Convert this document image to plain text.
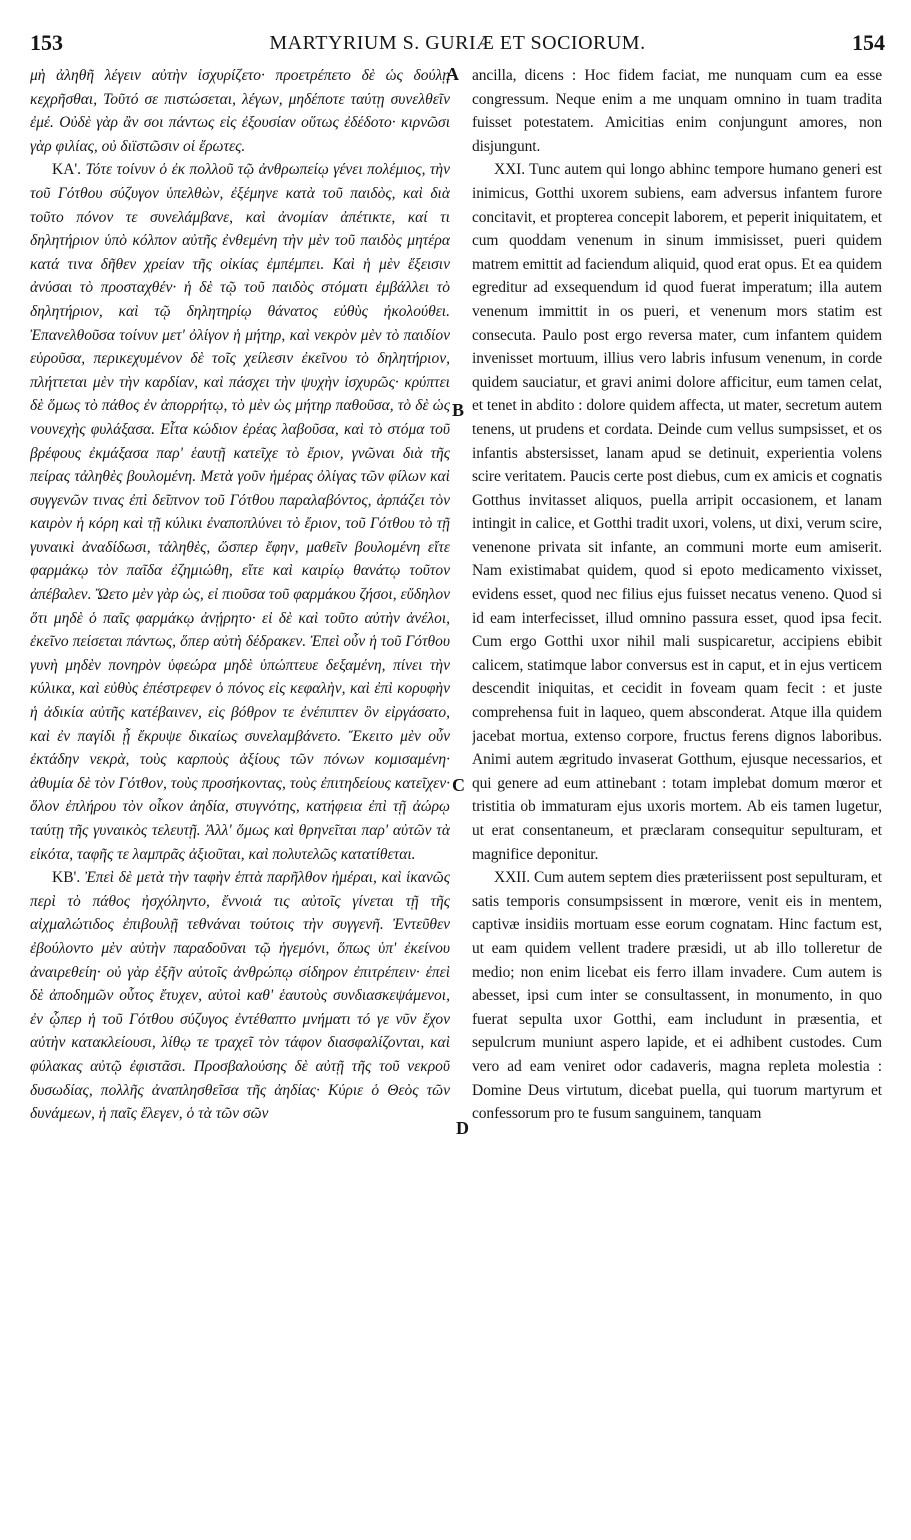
153	MARTYRIUM S. GURIÆ ET SOCIORUM.	154

μὴ ἀληθῆ λέγειν αὐτὴν ἰσχυρίζετο· προετρέπετο δὲ ὡς δούλῃ κεχρῆσθαι, Τοῦτό σε πιστώσεται, λέγων, μηδέποτε ταύτῃ συνελθεῖν ἐμέ. Οὐδὲ γὰρ ἂν σοι πάντως εἰς ἐξουσίαν οὕτως ἐδέδοτο· κιρνῶσι γὰρ φιλίας, οὐ διϊστῶσιν οἱ ἔρωτες.

ΚΑ'. Τότε τοίνυν ὁ ἐκ πολλοῦ τῷ ἀνθρωπείῳ γένει πολέμιος, τὴν τοῦ Γότθου σύζυγον ὑπελθὼν, ἐξέμηνε κατὰ τοῦ παιδὸς, καὶ διὰ τοῦτο πόνον τε συνελάμβανε, καὶ ἀνομίαν ἀπέτικτε, καί τι δηλητήριον ὑπὸ κόλπον αὐτῆς ἐνθεμένη τὴν μὲν τοῦ παιδὸς μητέρα κατά τινα δῆθεν χρείαν τῆς οἰκίας ἐμπέμπει. Καὶ ἡ μὲν ἔξεισιν ἀνύσαι τὸ προσταχθέν· ἡ δὲ τῷ τοῦ παιδὸς στόματι ἐμβάλλει τὸ δηλητήριον, καὶ τῷ δηλητηρίῳ θάνατος εὐθὺς ἠκολούθει. Ἐπανελθοῦσα τοίνυν μετ' ὀλίγον ἡ μήτηρ, καὶ νεκρὸν μὲν τὸ παιδίον εὑροῦσα, περικεχυμένον δὲ τοῖς χείλεσιν ἐκεῖνου τὸ δηλητήριον, πλήττεται μὲν τὴν καρδίαν, καὶ πάσχει τὴν ψυχὴν ἰσχυρῶς· κρύπτει δὲ ὅμως τὸ πάθος ἐν ἀπορρήτῳ, τὸ μὲν ὡς μήτηρ παθοῦσα, τὸ δὲ ὡς νουνεχὴς φυλάξασα. Εἶτα κώδιον ἐρέας λαβοῦσα, καὶ τὸ στόμα τοῦ βρέφους ἐκμάξασα παρ' ἑαυτῇ κατεῖχε τὸ ἔριον, γνῶναι διὰ τῆς πείρας τἀληθὲς βουλομένη. Μετὰ γοῦν ἡμέρας ὀλίγας τῶν φίλων καὶ συγγενῶν τινας ἐπὶ δεῖπνον τοῦ Γότθου παραλαβόντος, ἁρπάζει τὸν καιρὸν ἡ κόρη καὶ τῇ κύλικι ἐναποπλύνει τὸ ἔριον, τοῦ Γότθου τὸ τῇ γυναικὶ ἀναδίδωσι, τἀληθὲς, ὥσπερ ἔφην, μαθεῖν βουλομένη εἴτε φαρμάκῳ τὸν παῖδα ἐζημιώθη, εἴτε καὶ καιρίῳ θανάτῳ τοῦτον ἀπέβαλεν. Ὤετο μὲν γὰρ ὡς, εἰ πιοῦσα τοῦ φαρμάκου ζήσοι, εὔδηλον ὅτι μηδὲ ὁ παῖς φαρμάκῳ ἀνῄρητο· εἰ δὲ καὶ τοῦτο αὐτὴν ἀνέλοι, ἐκεῖνο πείσεται πάντως, ὅπερ αὐτὴ δέδρακεν. Ἐπεὶ οὖν ἡ τοῦ Γότθου γυνὴ μηδὲν πονηρὸν ὑφεώρα μηδὲ ὑπώπτευε δεξαμένη, πίνει τὴν κύλικα, καὶ εὐθὺς ἐπέστρεφεν ὁ πόνος εἰς κεφαλὴν, καὶ ἐπὶ κορυφὴν ἡ ἀδικία αὐτῆς κατέβαινεν, εἰς βόθρον τε ἐνέπιπτεν ὃν εἰργάσατο, καὶ ἐν παγίδι ᾗ ἔκρυψε δικαίως συνελαμβάνετο. Ἔκειτο μὲν οὖν ἐκτάδην νεκρὰ, τοὺς καρποὺς ἀξίους τῶν πόνων κομισαμένη· ἀθυμία δὲ τὸν Γότθον, τοὺς προσήκοντας, τοὺς ἐπιτηδείους κατεῖχεν· ὅλον ἐπλήρου τὸν οἶκον ἀηδία, στυγνότης, κατήφεια ἐπὶ τῇ ἀώρῳ ταύτῃ τῆς γυναικὸς τελευτῇ. Ἀλλ' ὅμως καὶ θρηνεῖται παρ' αὐτῶν τὰ εἰκότα, ταφῆς τε λαμπρᾶς ἀξιοῦται, καὶ πολυτελῶς κατατίθεται.

ΚΒ'. Ἐπεὶ δὲ μετὰ τὴν ταφὴν ἑπτὰ παρῆλθον ἡμέραι, καὶ ἱκανῶς περὶ τὸ πάθος ἠσχόληντο, ἔννοιά τις αὐτοῖς γίνεται τῇ τῆς αἰχμαλώτιδος ἐπιβουλῇ τεθνάναι τούτοις τὴν συγγενῆ. Ἐντεῦθεν ἐβούλοντο μὲν αὐτὴν παραδοῦναι τῷ ἡγεμόνι, ὅπως ὑπ' ἐκείνου ἀναιρεθείη· οὐ γὰρ ἐξῆν αὐτοῖς ἀνθρώπῳ σίδηρον ἐπιτρέπειν· ἐπεὶ δὲ ἀποδημῶν οὗτος ἔτυχεν, αὐτοὶ καθ' ἑαυτοὺς συνδιασκεψάμενοι, ἐν ᾧπερ ἡ τοῦ Γότθου σύζυγος ἐντέθαπτο μνήματι τό γε νῦν ἔχον αὐτὴν κατακλείουσι, λίθῳ τε τραχεῖ τὸν τάφον διασφαλίζονται, καὶ φύλακας αὐτῷ ἐφιστᾶσι. Προσβαλούσης δὲ αὐτῇ τῆς τοῦ νεκροῦ δυσωδίας, πολλῆς ἀναπλησθεῖσα τῆς ἀηδίας· Κύριε ὁ Θεὸς τῶν δυνάμεων, ἡ παῖς ἔλεγεν, ὁ τὰ τῶν σῶν

A
B
C
D

ancilla, dicens : Hoc fidem faciat, me nunquam cum ea esse congressum. Neque enim a me unquam omnino in tuam tradita fuisset potestatem. Amicitias enim conjungunt amores, non disjungunt.

XXI. Tunc autem qui longo abhinc tempore humano generi est inimicus, Gotthi uxorem subiens, eam adversus infantem furore concitavit, et propterea concepit laborem, et peperit iniquitatem, et cum quoddam venenum in sinum immisisset, pueri quidem matrem emittit ad faciendum aliquid, quod erat opus. Et ea quidem egreditur ad exsequendum id quod fuerat imperatum; illa autem venenum immittit in os pueri, et venenum mors statim est consecuta. Paulo post ergo reversa mater, cum infantem quidem invenisset mortuum, illius vero labris infusum venenum, in corde quidem sauciatur, et gravi animi dolore afficitur, eum tamen celat, et tenet in abdito : dolore quidem affecta, ut mater, secretum autem tenens, ut prudens et cordata. Deinde cum vellus sumpsisset, et os infantis abstersisset, lanam apud se detinuit, experientia volens scire veritatem. Paucis certe post diebus, cum ex amicis et cognatis Gotthus invitasset aliquos, puella arripit occasionem, et lanam intingit in calice, et Gotthi tradit uxori, volens, ut dixi, verum scire, venenone privata sit infante, an communi morte eum amiserit. Nam existimabat quidem, quod si epoto medicamento vixisset, evidens esset, quod nec filius ejus fuisset necatus veneno. Quod si id eam interfecisset, illud omnino passura esset, quod ipsa fecit. Cum ergo Gotthi uxor nihil mali suspicaretur, accipiens ebibit calicem, statimque labor conversus est in caput, et in ejus verticem descendit iniquitas, et cecidit in foveam quam fecit : et juste comprehensa fuit in laqueo, quem absconderat. Atque illa quidem jacebat mortua, extenso corpore, fructus ferens dignos laboribus. Animi autem ægritudo invaserat Gotthum, ejusque necessarios, et qui genere ad eum attinebant : totam implebat domum mœror et tristitia ob immaturam ejus uxoris mortem. Ab eis tamen lugetur, ut erat consentaneum, et præclaram consequitur sepulturam, et magnifice deponitur.

XXII. Cum autem septem dies præteriissent post sepulturam, et satis temporis consumpsissent in mœrore, venit eis in mentem, captivæ insidiis mortuam esse eorum cognatam. Hinc factum est, ut eam quidem vellent tradere præsidi, ut ab illo tolleretur de medio; non enim licebat eis ferro illam invadere. Cum autem is abesset, ipsi cum inter se consultassent, in monumento, in quo fuerat sepulta uxor Gotthi, eam includunt in præsentia, et sepulcrum muniunt aspero lapide, et ei adhibent custodes. Cum vero ad eam veniret odor cadaveris, magna repleta molestia : Domine Deus virtutum, dicebat puella, qui tuorum martyrum et confessorum pro te fusum sanguinem, tanquam
